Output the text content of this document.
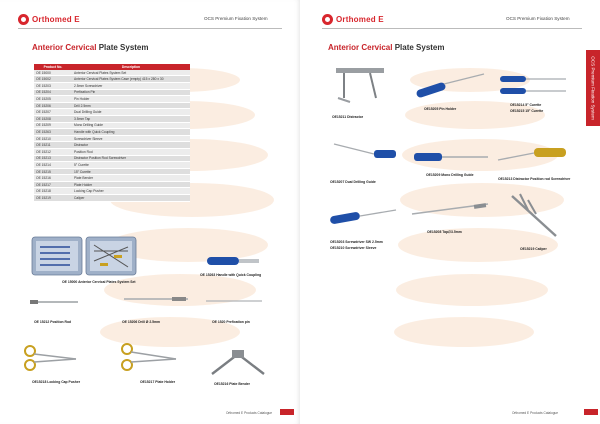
Orthomed E	OCS Premium Fixation System
Anterior Cervical Plate System
Product No.	Description
OE 15000	Anterior Cervical Plates System Set
OE 15002	Anterior Cervical Plates System Case (empty) 415 x 280 x 30
OE 15203	2.5mm Screwdriver
OE 15204	Prefixation Pin
OE 15205	Pin Holder
OE 15206	Drill 2.5mm
OE 15207	Dual Drilling Guide
OE 15208	3.5mm Tap
OE 15209	Mono Drilling Guide
OE 15263	Handle with Quick Coupling
OE 15210	Screwdriver Sleeve
OE 15211	Distractor
OE 15212	Position Rod
OE 15213	Distractor Position Rod Screwdriver
OE 15214	5° Curette
OE 15215	15° Curette
OE 15216	Plate Bender
OE 15217	Plate Holder
OE 15218	Locking Cap Pusher
OE 15219	Caliper
OE 15000 Anterior Cervical Plates System Set
OE 15263 Handle with Quick Coupling
OE 15212 Position Rod	OE 15206 Drill Ø 2.5mm	OE 1520 Prefixation pin
OE15218 Locking Cap Pusher	OE15217 Plate Holder	OE15216 Plate Bender
Orthomed E Products Catalogue
Orthomed E	OCS Premium Fixation System
Anterior Cervical Plate System
OCS Premium Fixation System
OE15211 Distractor
OE15205 Pin Holder
OE15214 5° Curette
OE15215 15° Curette
OE15207 Dual Drilling Guide
OE15209 Mono Drilling Guide
OE15213 Distractor Position rod Screwdriver
OE15203 Screwdriver SW 2.5mm
OE15210 Screwdriver Sleeve
OE15208 Tap∅3.5mm
OE15219 Caliper
Orthomed E Products Catalogue
